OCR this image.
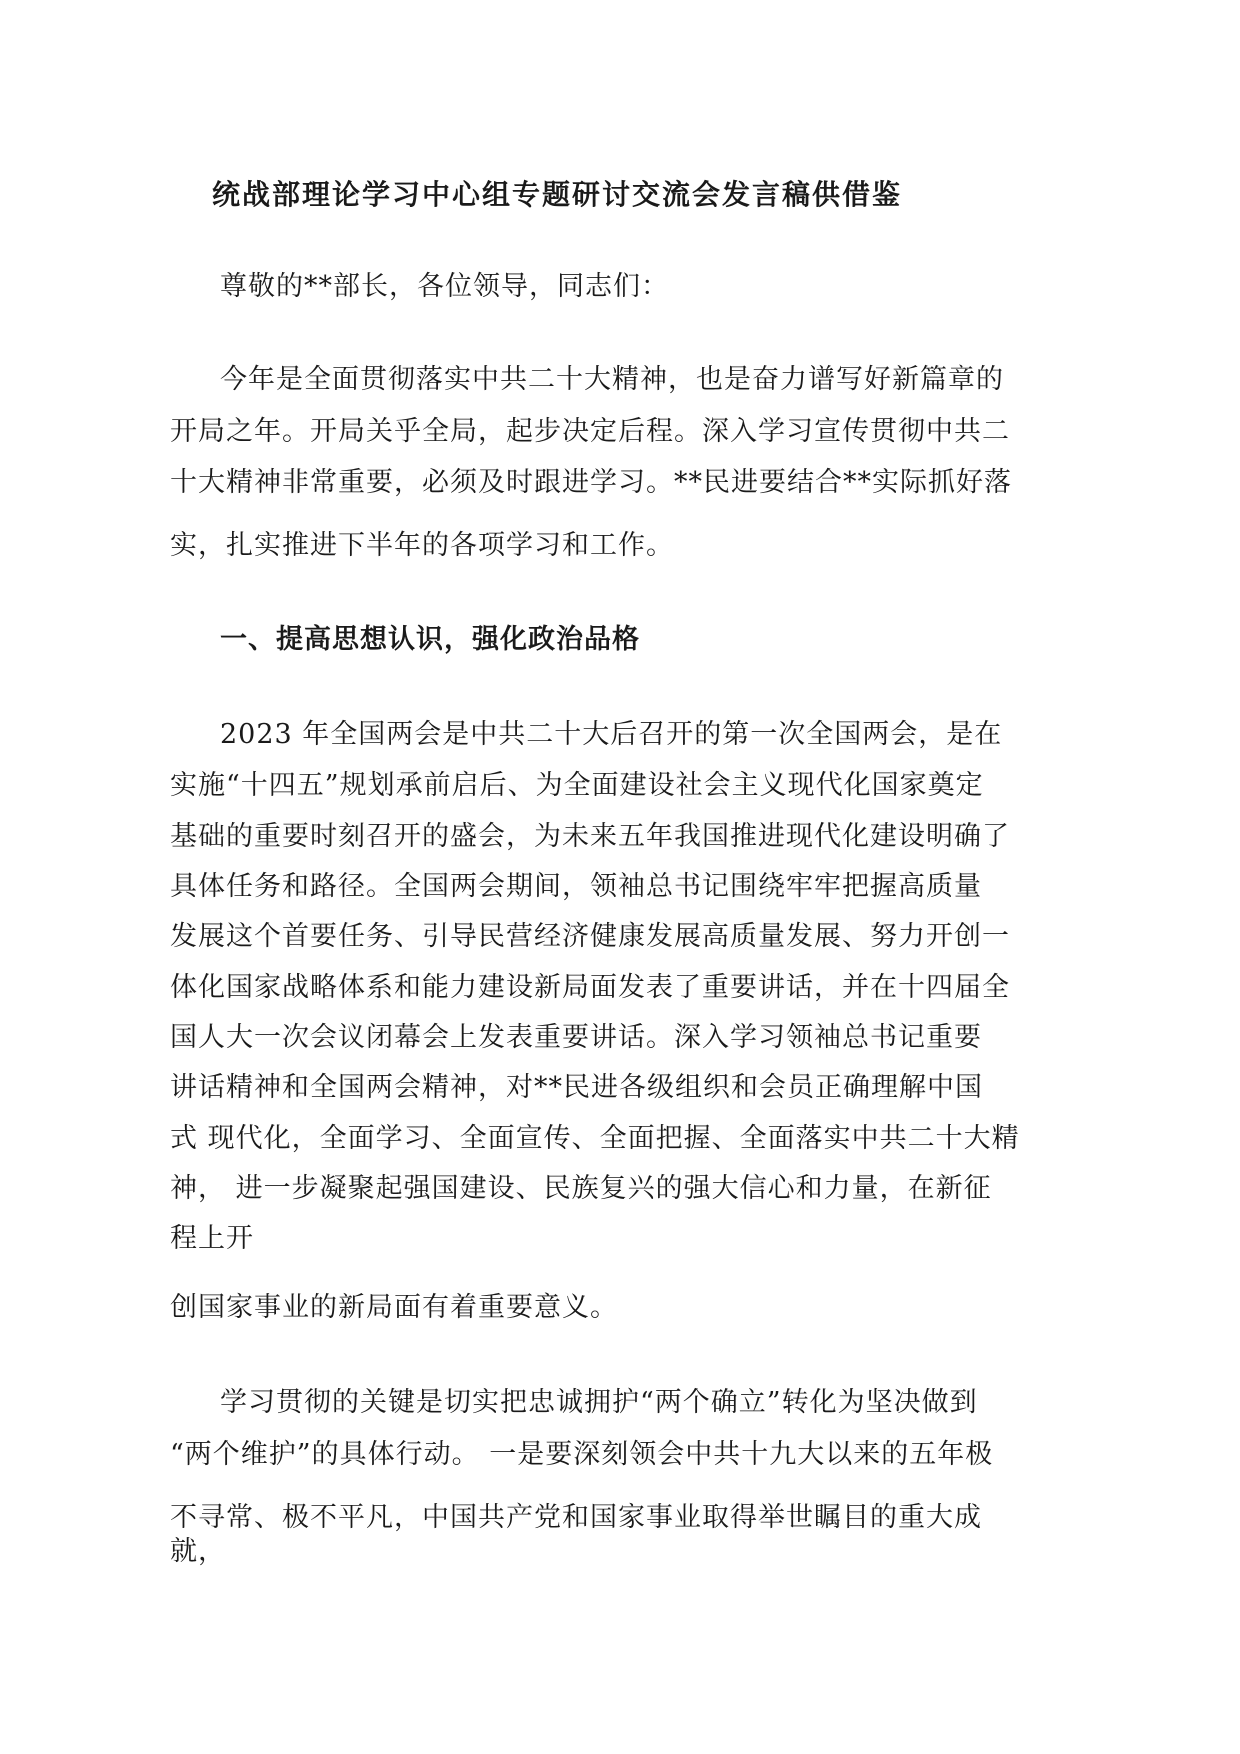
统战部理论学习中心组专题研讨交流会发言稿供借鉴

尊敬的**部长，各位领导，同志们：

今年是全面贯彻落实中共二十大精神，也是奋力谱写好新篇章的

开局之年。开局关乎全局，起步决定后程。深入学习宣传贯彻中共二

十大精神非常重要，必须及时跟进学习。**民进要结合**实际抓好落

实，扎实推进下半年的各项学习和工作。

一、提高思想认识，强化政治品格

2023 年全国两会是中共二十大后召开的第一次全国两会，是在

实施“十四五”规划承前启后、为全面建设社会主义现代化国家奠定

基础的重要时刻召开的盛会，为未来五年我国推进现代化建设明确了

具体任务和路径。全国两会期间，领袖总书记围绕牢牢把握高质量

发展这个首要任务、引导民营经济健康发展高质量发展、努力开创一

体化国家战略体系和能力建设新局面发表了重要讲话，并在十四届全

国人大一次会议闭幕会上发表重要讲话。深入学习领袖总书记重要

讲话精神和全国两会精神，对**民进各级组织和会员正确理解中国

式 现代化，全面学习、全面宣传、全面把握、全面落实中共二十大精

神， 进一步凝聚起强国建设、民族复兴的强大信心和力量，在新征

程上开

创国家事业的新局面有着重要意义。

学习贯彻的关键是切实把忠诚拥护“两个确立”转化为坚决做到

“两个维护”的具体行动。 一是要深刻领会中共十九大以来的五年极

不寻常、极不平凡，中国共产党和国家事业取得举世瞩目的重大成

就，
